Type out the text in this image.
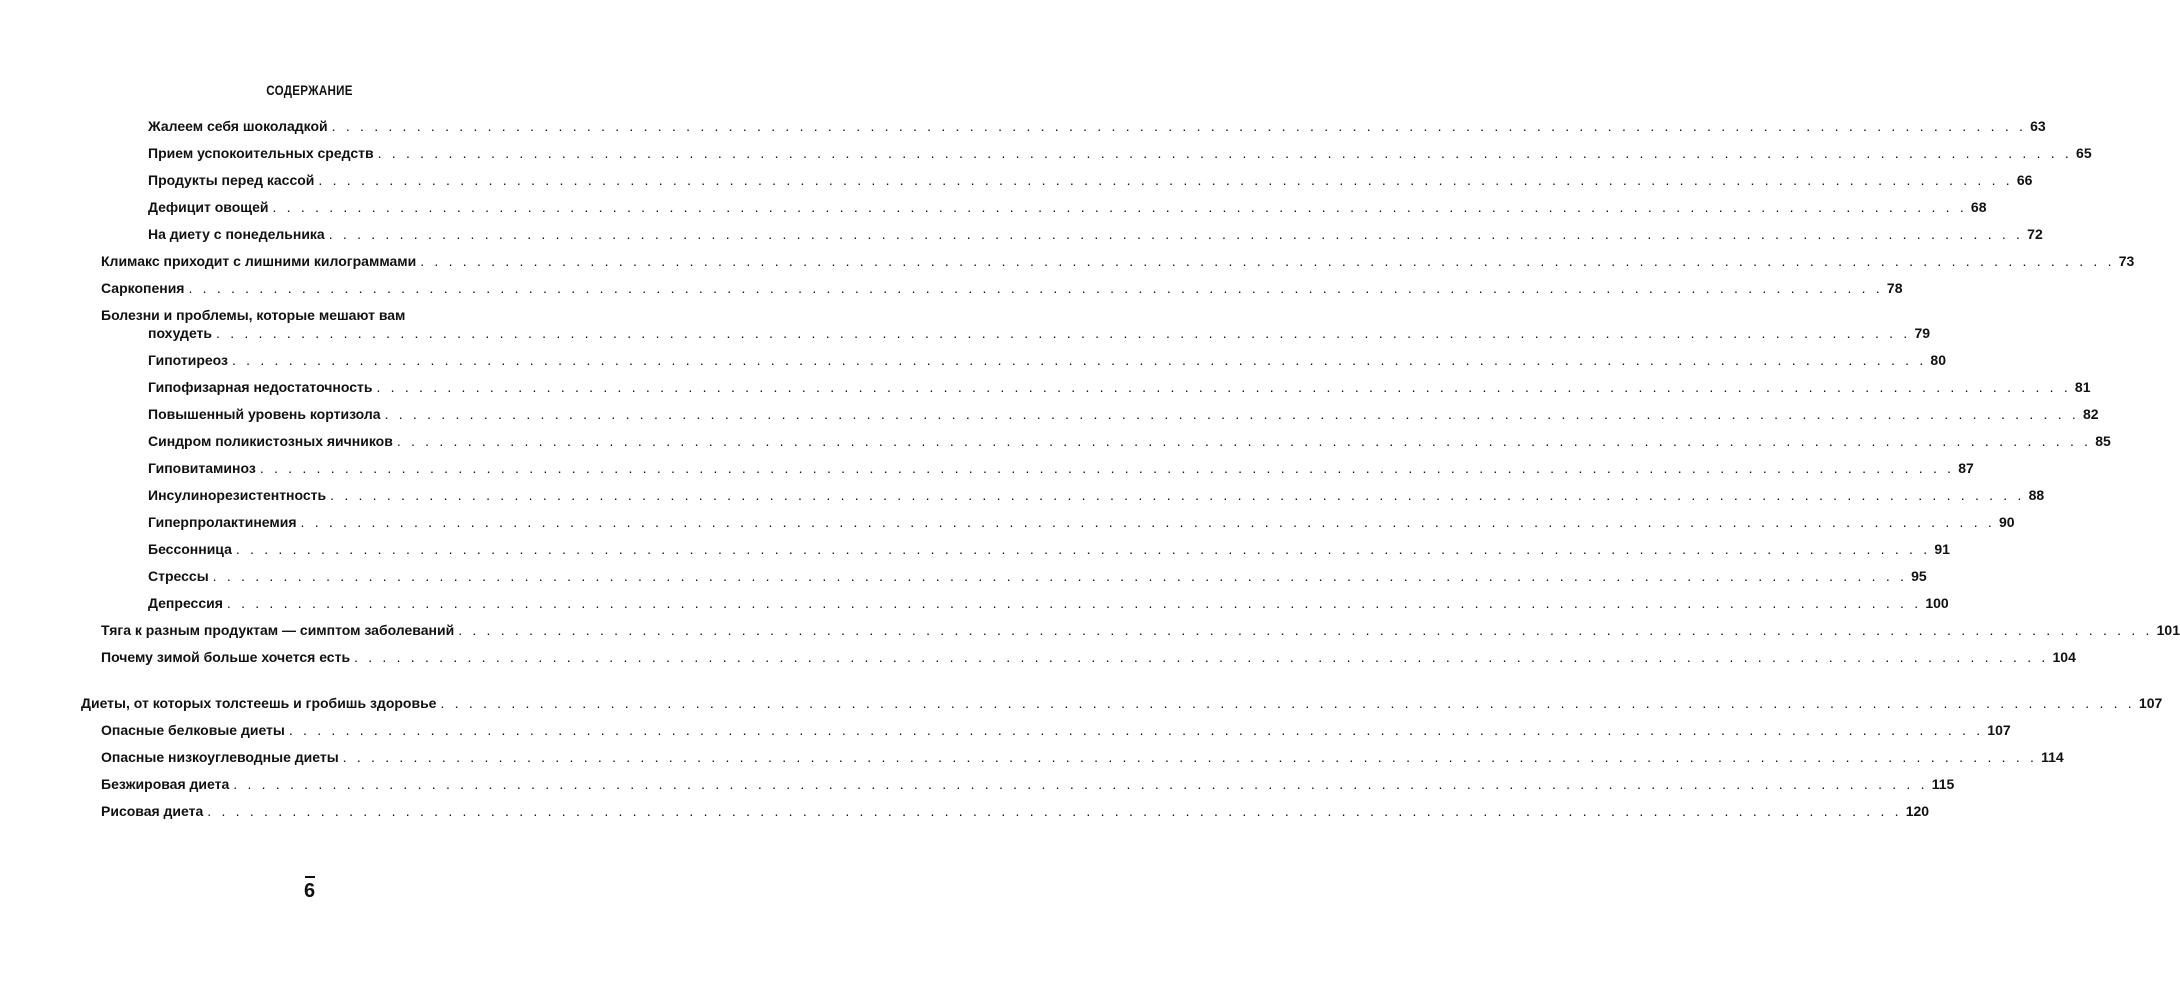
СОДЕРЖАНИЕ
Жалеем себя шоколадкой . . . . . . . . . . . . . . . . . . . . . . . . . . . . . . . . . . . . . . . . . . . . . . . . . . . . . . . . . . . . . . . . . . . . . . . . . . . . . . . . . . . . . . . . . . . . . . . . . . . . . . . . . . . . . . . . . . . . . . . . 63
Прием успокоительных средств . . . . . . . . . . . . . . . . . . . . . . . . . . . . . . . . . . . . . . . . . . . . . . . . . . . . . . . . . . . . . . . . . . . . . . . . . . . . . . . . . . . . . . . . . . . . . . . . . . . . . . . . . . . . . . . . . . . . . . . . 65
Продукты перед кассой . . . . . . . . . . . . . . . . . . . . . . . . . . . . . . . . . . . . . . . . . . . . . . . . . . . . . . . . . . . . . . . . . . . . . . . . . . . . . . . . . . . . . . . . . . . . . . . . . . . . . . . . . . . . . . . . . . . . . . . . 66
Дефицит овощей . . . . . . . . . . . . . . . . . . . . . . . . . . . . . . . . . . . . . . . . . . . . . . . . . . . . . . . . . . . . . . . . . . . . . . . . . . . . . . . . . . . . . . . . . . . . . . . . . . . . . . . . . . . . . . . . . . . . . . . . 68
На диету с понедельника . . . . . . . . . . . . . . . . . . . . . . . . . . . . . . . . . . . . . . . . . . . . . . . . . . . . . . . . . . . . . . . . . . . . . . . . . . . . . . . . . . . . . . . . . . . . . . . . . . . . . . . . . . . . . . . . . . . . . . . . 72
Климакс приходит с лишними килограммами . . . . . . . . . . . . . . . . . . . . . . . . . . . . . . . . . . . . . . . . . . . . . . . . . . . . . . . . . . . . . . . . . . . . . . . . . . . . . . . . . . . . . . . . . . . . . . . . . . . . . . . . . . . . . . . . . . . . . . . . 73
Саркопения . . . . . . . . . . . . . . . . . . . . . . . . . . . . . . . . . . . . . . . . . . . . . . . . . . . . . . . . . . . . . . . . . . . . . . . . . . . . . . . . . . . . . . . . . . . . . . . . . . . . . . . . . . . . . . . . . . . . . . . . 78
Болезни и проблемы, которые мешают вам
похудеть . . . . . . . . . . . . . . . . . . . . . . . . . . . . . . . . . . . . . . . . . . . . . . . . . . . . . . . . . . . . . . . . . . . . . . . . . . . . . . . . . . . . . . . . . . . . . . . . . . . . . . . . . . . . . . . . . . . . . . . . 79
Гипотиреоз . . . . . . . . . . . . . . . . . . . . . . . . . . . . . . . . . . . . . . . . . . . . . . . . . . . . . . . . . . . . . . . . . . . . . . . . . . . . . . . . . . . . . . . . . . . . . . . . . . . . . . . . . . . . . . . . . . . . . . . . 80
Гипофизарная недостаточность . . . . . . . . . . . . . . . . . . . . . . . . . . . . . . . . . . . . . . . . . . . . . . . . . . . . . . . . . . . . . . . . . . . . . . . . . . . . . . . . . . . . . . . . . . . . . . . . . . . . . . . . . . . . . . . . . . . . . . . . 81
Повышенный уровень кортизола . . . . . . . . . . . . . . . . . . . . . . . . . . . . . . . . . . . . . . . . . . . . . . . . . . . . . . . . . . . . . . . . . . . . . . . . . . . . . . . . . . . . . . . . . . . . . . . . . . . . . . . . . . . . . . . . . . . . . . . . 82
Синдром поликистозных яичников . . . . . . . . . . . . . . . . . . . . . . . . . . . . . . . . . . . . . . . . . . . . . . . . . . . . . . . . . . . . . . . . . . . . . . . . . . . . . . . . . . . . . . . . . . . . . . . . . . . . . . . . . . . . . . . . . . . . . . . . 85
Гиповитаминоз . . . . . . . . . . . . . . . . . . . . . . . . . . . . . . . . . . . . . . . . . . . . . . . . . . . . . . . . . . . . . . . . . . . . . . . . . . . . . . . . . . . . . . . . . . . . . . . . . . . . . . . . . . . . . . . . . . . . . . . . 87
Инсулинорезистентность . . . . . . . . . . . . . . . . . . . . . . . . . . . . . . . . . . . . . . . . . . . . . . . . . . . . . . . . . . . . . . . . . . . . . . . . . . . . . . . . . . . . . . . . . . . . . . . . . . . . . . . . . . . . . . . . . . . . . . . . 88
Гиперпролактинемия . . . . . . . . . . . . . . . . . . . . . . . . . . . . . . . . . . . . . . . . . . . . . . . . . . . . . . . . . . . . . . . . . . . . . . . . . . . . . . . . . . . . . . . . . . . . . . . . . . . . . . . . . . . . . . . . . . . . . . . . 90
Бессонница . . . . . . . . . . . . . . . . . . . . . . . . . . . . . . . . . . . . . . . . . . . . . . . . . . . . . . . . . . . . . . . . . . . . . . . . . . . . . . . . . . . . . . . . . . . . . . . . . . . . . . . . . . . . . . . . . . . . . . . . 91
Стрессы . . . . . . . . . . . . . . . . . . . . . . . . . . . . . . . . . . . . . . . . . . . . . . . . . . . . . . . . . . . . . . . . . . . . . . . . . . . . . . . . . . . . . . . . . . . . . . . . . . . . . . . . . . . . . . . . . . . . . . . . 95
Депрессия . . . . . . . . . . . . . . . . . . . . . . . . . . . . . . . . . . . . . . . . . . . . . . . . . . . . . . . . . . . . . . . . . . . . . . . . . . . . . . . . . . . . . . . . . . . . . . . . . . . . . . . . . . . . . . . . . . . . . . . . 100
Тяга к разным продуктам — симптом заболеваний . . . . . . . . . . . . . . . . . . . . . . . . . . . . . . . . . . . . . . . . . . . . . . . . . . . . . . . . . . . . . . . . . . . . . . . . . . . . . . . . . . . . . . . . . . . . . . . . . . . . . . . . . . . . . . . . . . . . . . . . 101
Почему зимой больше хочется есть . . . . . . . . . . . . . . . . . . . . . . . . . . . . . . . . . . . . . . . . . . . . . . . . . . . . . . . . . . . . . . . . . . . . . . . . . . . . . . . . . . . . . . . . . . . . . . . . . . . . . . . . . . . . . . . . . . . . . . . . 104
Диеты, от которых толстеешь и гробишь здоровье . . . . . . . . . . . . . . . . . . . . . . . . . . . . . . . . . . . . . . . . . . . . . . . . . . . . . . . . . . . . . . . . . . . . . . . . . . . . . . . . . . . . . . . . . . . . . . . . . . . . . . . . . . . . . . . . . . . . . . . . 107
Опасные белковые диеты . . . . . . . . . . . . . . . . . . . . . . . . . . . . . . . . . . . . . . . . . . . . . . . . . . . . . . . . . . . . . . . . . . . . . . . . . . . . . . . . . . . . . . . . . . . . . . . . . . . . . . . . . . . . . . . . . . . . . . . . 107
Опасные низкоуглеводные диеты . . . . . . . . . . . . . . . . . . . . . . . . . . . . . . . . . . . . . . . . . . . . . . . . . . . . . . . . . . . . . . . . . . . . . . . . . . . . . . . . . . . . . . . . . . . . . . . . . . . . . . . . . . . . . . . . . . . . . . . . 114
Безжировая диета . . . . . . . . . . . . . . . . . . . . . . . . . . . . . . . . . . . . . . . . . . . . . . . . . . . . . . . . . . . . . . . . . . . . . . . . . . . . . . . . . . . . . . . . . . . . . . . . . . . . . . . . . . . . . . . . . . . . . . . . 115
Рисовая диета . . . . . . . . . . . . . . . . . . . . . . . . . . . . . . . . . . . . . . . . . . . . . . . . . . . . . . . . . . . . . . . . . . . . . . . . . . . . . . . . . . . . . . . . . . . . . . . . . . . . . . . . . . . . . . . . . . . . . . . . 120
6
